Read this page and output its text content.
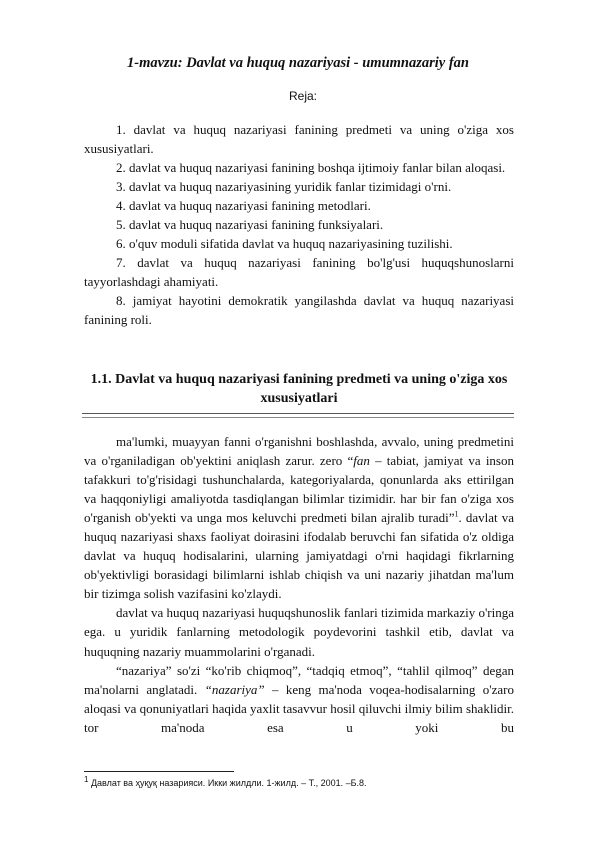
1-mavzu: Davlat va huquq nazariyasi - umumnazariy fan
Reja:

1. davlat va huquq nazariyasi fanining predmeti va uning o'ziga xos xususiyatlari.

2. davlat va huquq nazariyasi fanining boshqa ijtimoiy fanlar bilan aloqasi.

3. davlat va huquq nazariyasining yuridik fanlar tizimidagi o'rni.

4. davlat va huquq nazariyasi fanining metodlari.

5. davlat va huquq nazariyasi fanining funksiyalari.

6. o'quv moduli sifatida davlat va huquq nazariyasining tuzilishi.

7. davlat va huquq nazariyasi fanining bo'lg'usi huquqshunoslarni tayyorlashdagi ahamiyati.

8. jamiyat hayotini demokratik yangilashda davlat va huquq nazariyasi fanining roli.

1.1. Davlat va huquq nazariyasi fanining predmeti va uning o'ziga xos xususiyatlari

ma'lumki, muayyan fanni o'rganishni boshlashda, avvalo, uning predmetini va o'rganiladigan ob'yektini aniqlash zarur. zero “fan – tabiat, jamiyat va inson tafakkuri to'g'risidagi tushunchalarda, kategoriyalarda, qonunlarda aks ettirilgan va haqqoniyligi amaliyotda tasdiqlangan bilimlar tizimidir. har bir fan o'ziga xos o'rganish ob'yekti va unga mos keluvchi predmeti bilan ajralib turadi”$^1$. davlat va huquq nazariyasi shaxs faoliyat doirasini ifodalab beruvchi fan sifatida o'z oldiga davlat va huquq hodisalarini, ularning jamiyatdagi o'rni haqidagi fikrlarning ob'yektivligi borasidagi bilimlarni ishlab chiqish va uni nazariy jihatdan ma'lum bir tizimga solish vazifasini ko'zlaydi.

davlat va huquq nazariyasi huquqshunoslik fanlari tizimida markaziy o'ringa ega. u yuridik fanlarning metodologik poydevorini tashkil etib, davlat va huquqning nazariy muammolarini o'rganadi.

“nazariya” so'zi “ko'rib chiqmoq”, “tadqiq etmoq”, “tahlil qilmoq” degan ma'nolarni anglatadi. “nazariya” – keng ma'noda voqea-hodisalarning o'zaro aloqasi va qonuniyatlari haqida yaxlit tasavvur hosil qiluvchi ilmiy bilim shaklidir. tor ma'noda esa u yoki bu

$^1$ Давлат ва ҳуқуқ назарияси. Икки жилдли. 1-жилд. – Т., 2001. –Б.8.
